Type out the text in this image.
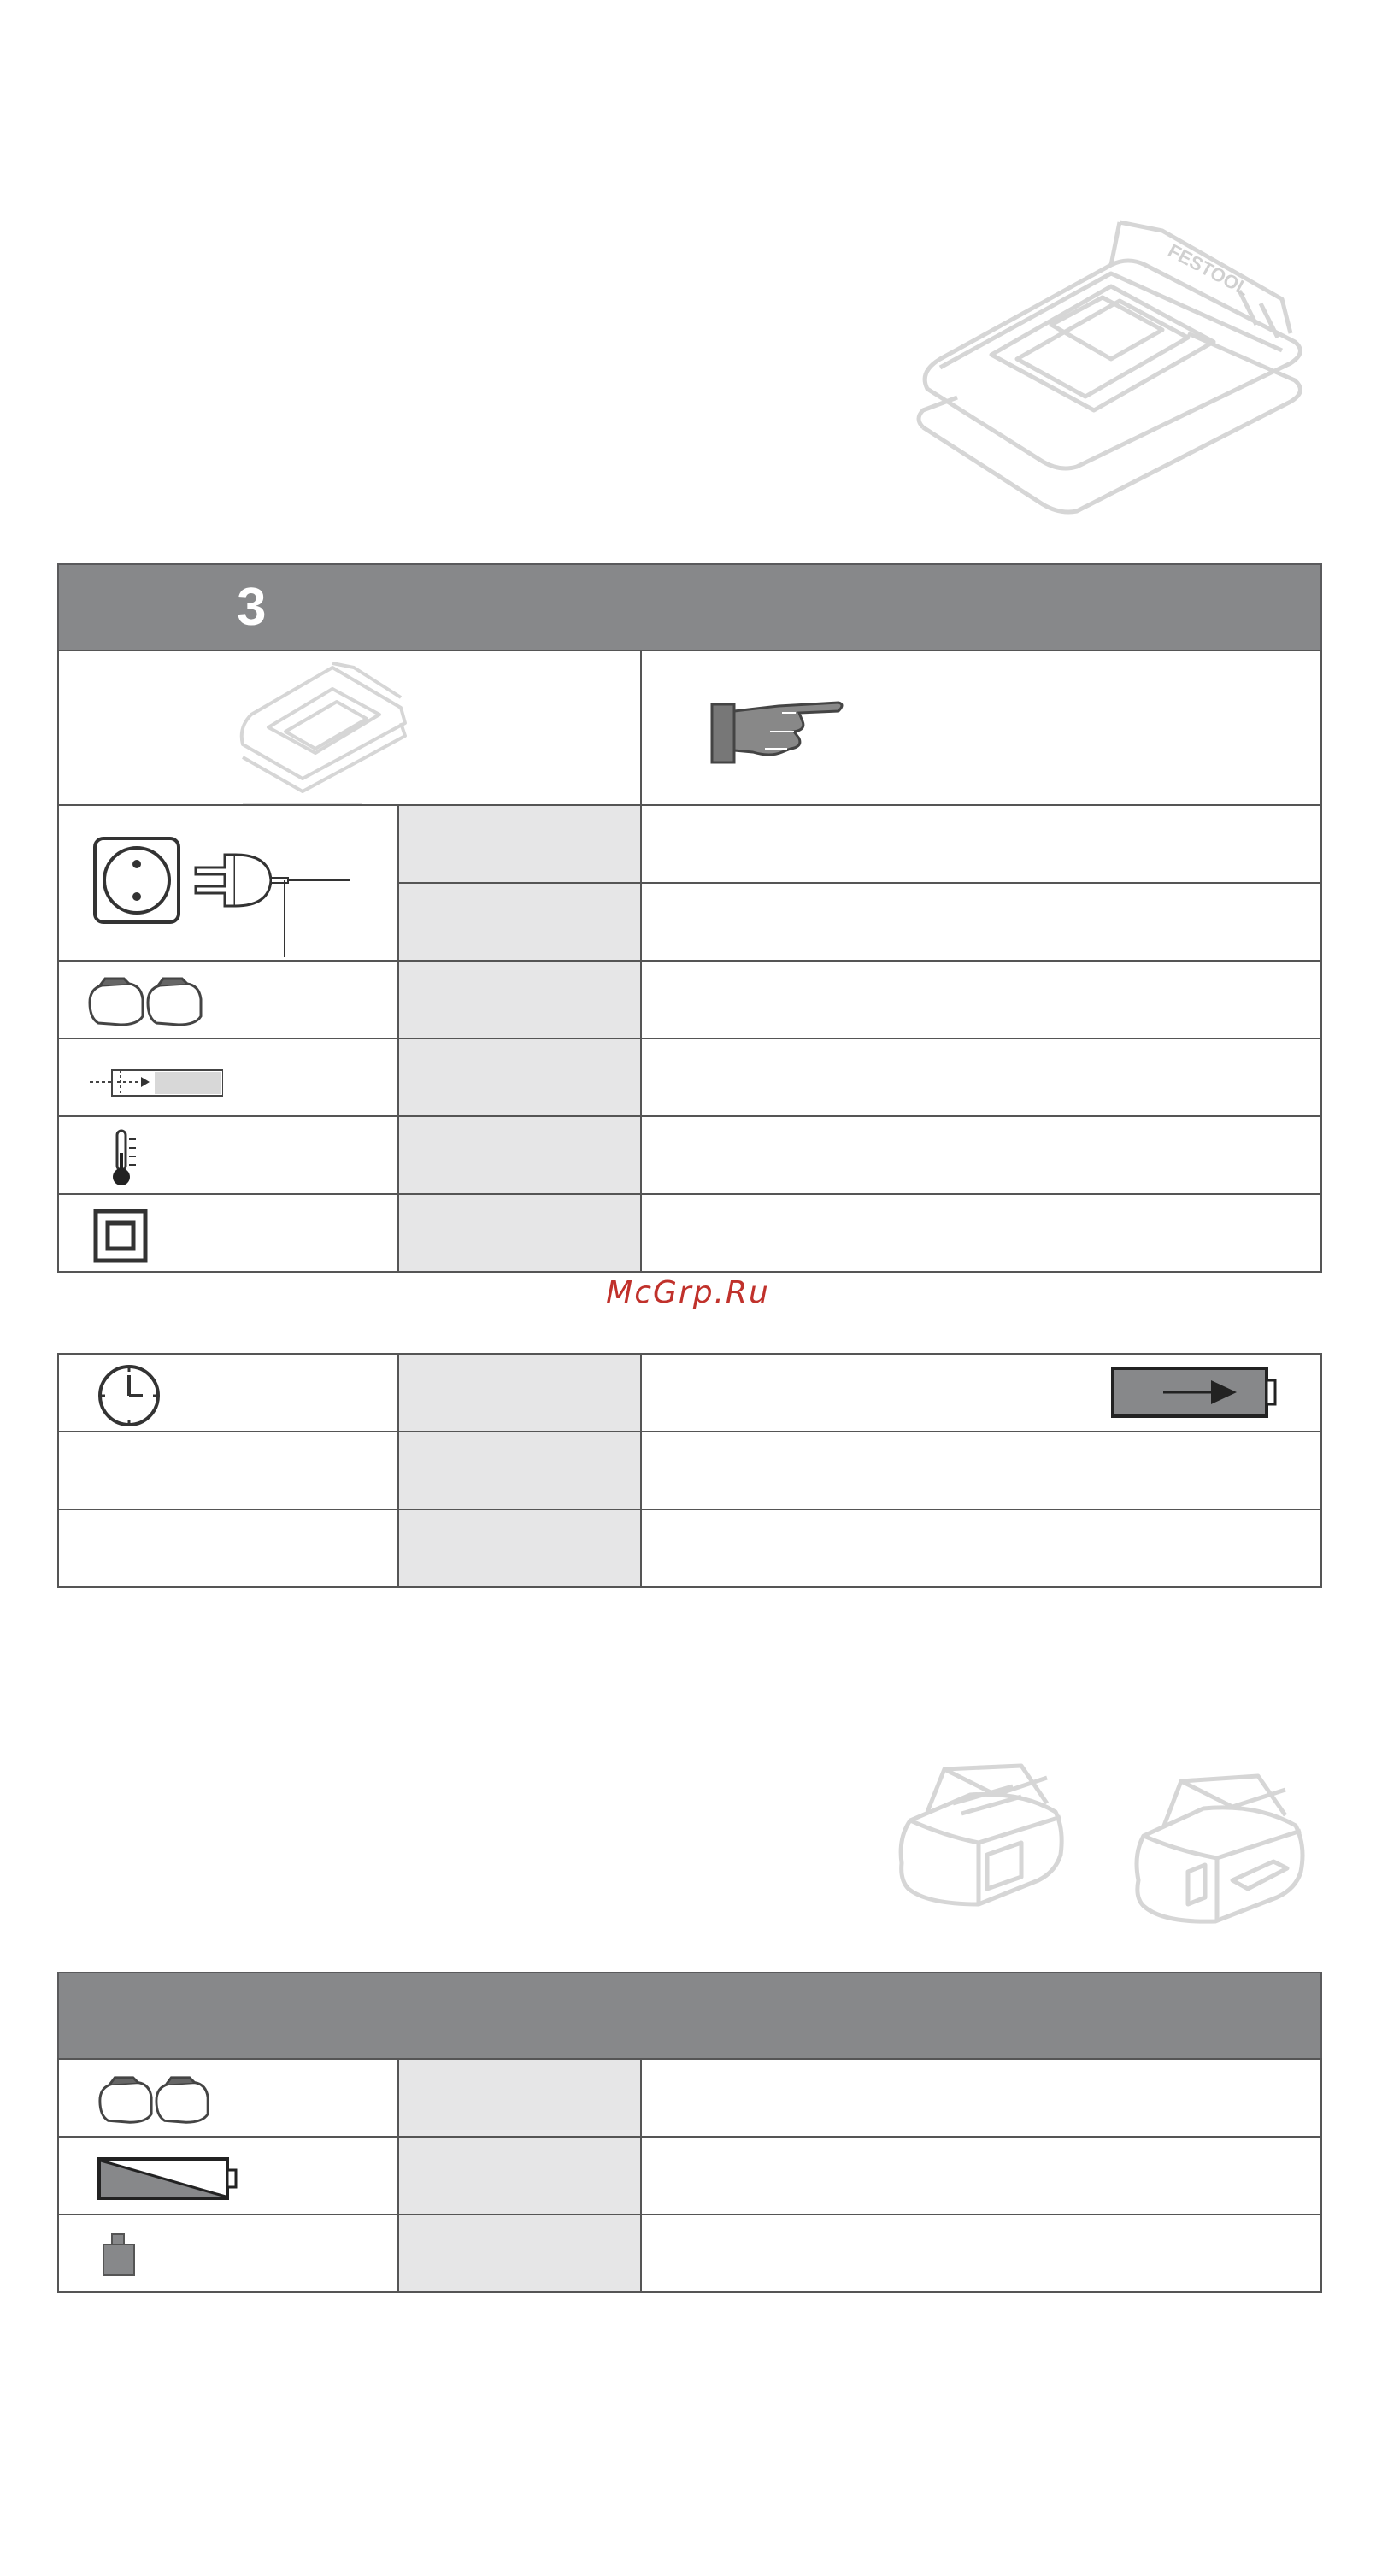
FESTOOL
3
McGrp.Ru
